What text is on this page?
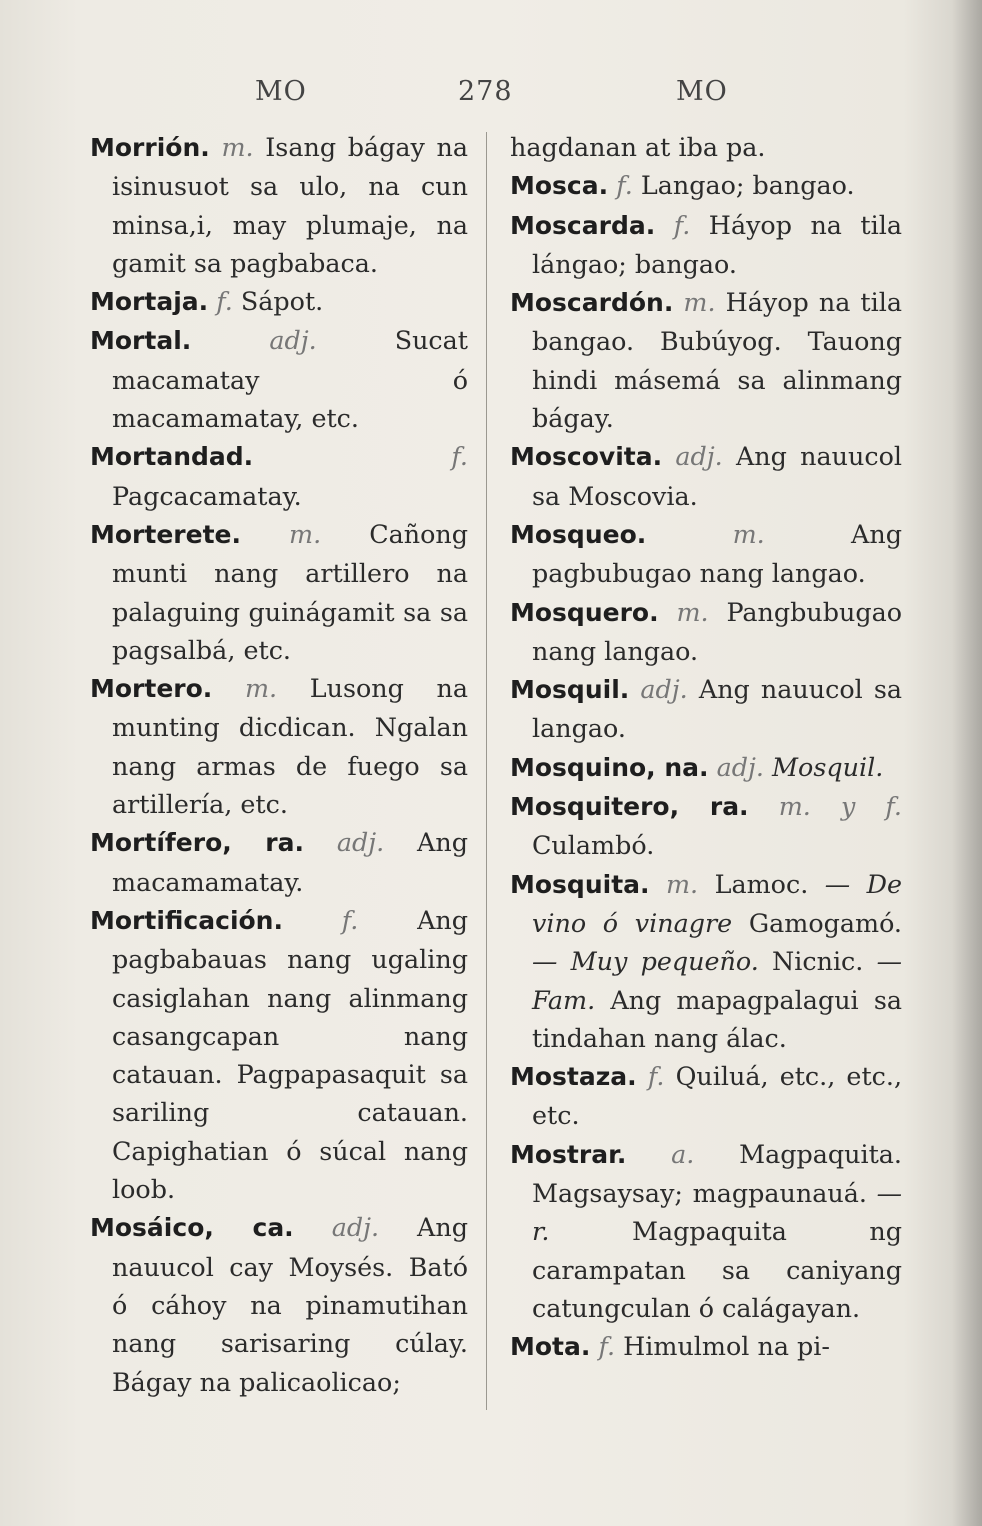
MO	278	MO

Morrión. m. Isang bágay na isinusuot sa ulo, na cun minsa,i, may plumaje, na gamit sa pagbabaca.

Mortaja. f. Sápot.

Mortal.	adj.	Sucat macamatay ó macamamatay, etc.

Mortandad.	f. Pagcacamatay.

Morterete. m. Cañong munti nang artillero na palaguing guinágamit sa sa pagsalbá, etc.

Mortero. m. Lusong na munting dicdican. Ngalan nang armas de fuego sa artillería, etc.

Mortífero, ra. adj. Ang macamamatay.

Mortificación. f. Ang pagbabauas nang ugaling casiglahan nang alinmang casangcapan nang catauan. Pagpapasaquit sa sariling catauan. Capighatian ó súcal nang loob.

Mosáico, ca. adj. Ang nauucol cay Moysés. Bató ó cáhoy na pinamutihan nang sarisaring cúlay. Bágay na palicaolicao;

hagdanan at iba pa.

Mosca. f. Langao; bangao.

Moscarda. f. Háyop na tila lángao; bangao.

Moscardón. m. Háyop na tila bangao. Bubúyog. Tauong hindi másemá sa alinmang bágay.

Moscovita. adj. Ang nauucol sa Moscovia.

Mosqueo.	m.	Ang pagbubugao nang langao.

Mosquero. m. Pangbubugao nang langao.

Mosquil. adj. Ang nauucol sa langao.

Mosquino, na. adj. Mosquil.

Mosquitero, ra. m. y f. Culambó.

Mosquita. m. Lamoc. — De vino ó vinagre Gamogamó. — Muy pequeño. Nicnic. — Fam. Ang mapagpalagui sa tindahan nang álac.

Mostaza. f. Quiluá, etc., etc., etc.

Mostrar. a. Magpaquita. Magsaysay; magpaunauá. —r.	Magpaquita ng carampatan sa caniyang catungculan ó calágayan.

Mota. f. Himulmol na pi-
